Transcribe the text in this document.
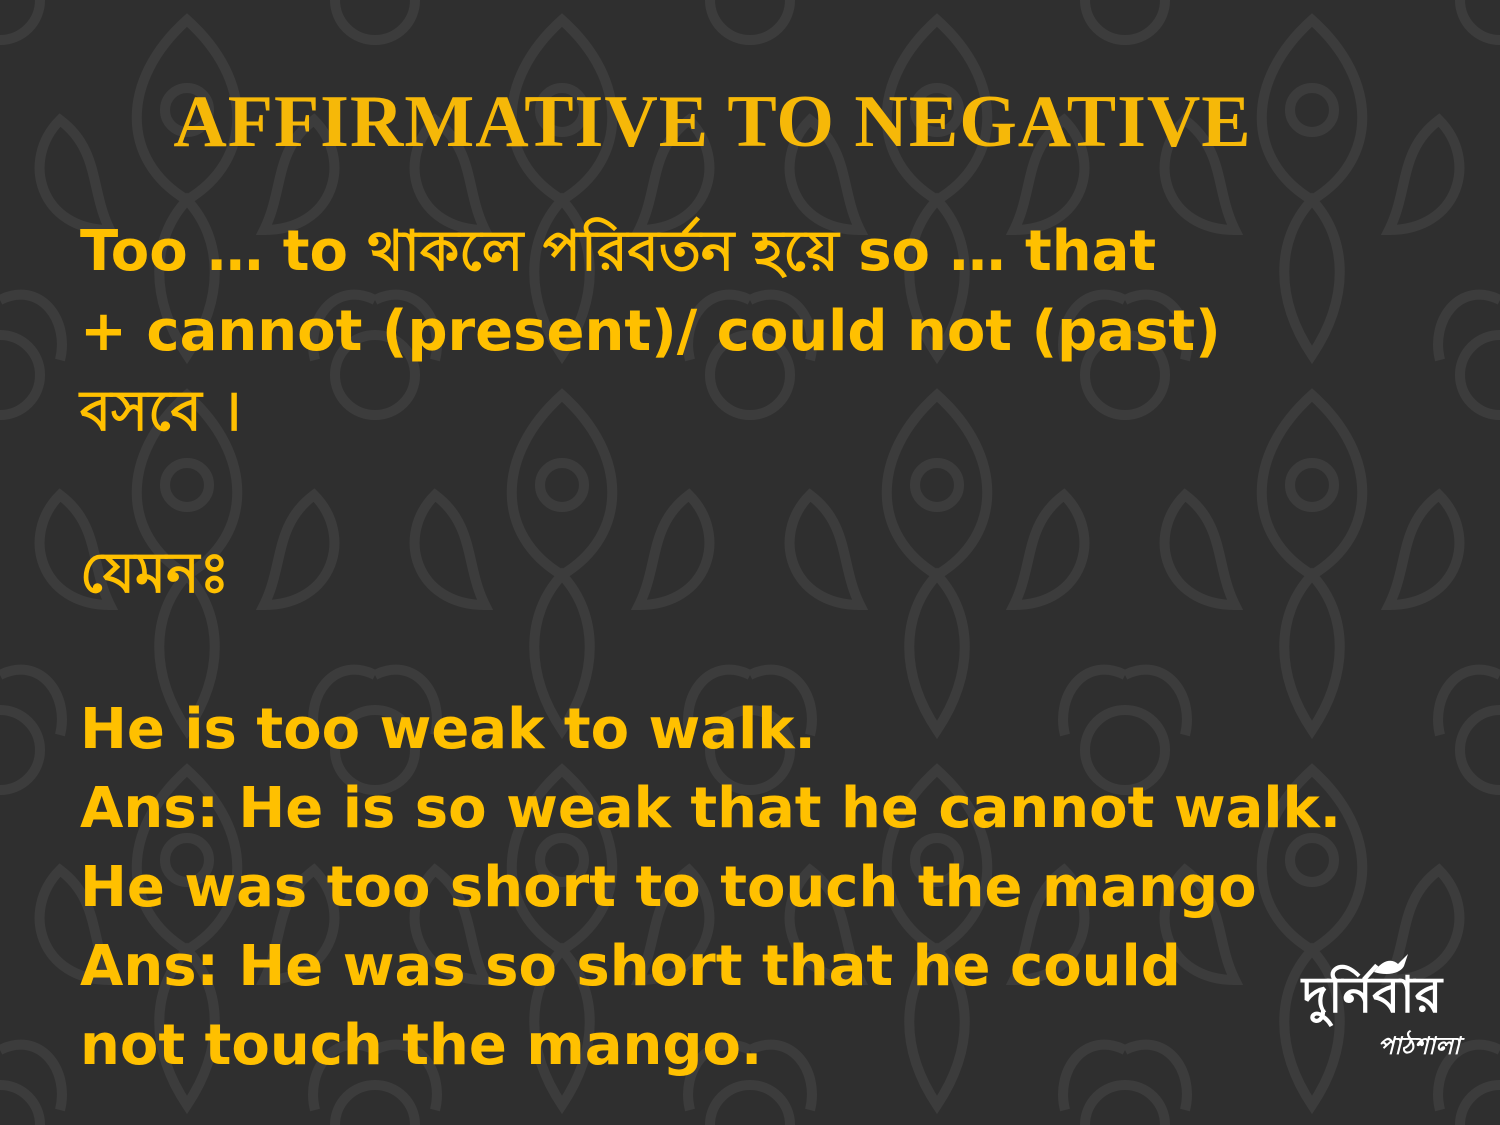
AFFIRMATIVE TO NEGATIVE
Too … to থাকলে পরিবর্তন হয়ে so … that
+ cannot (present)/ could not (past)
বসবে ।
যেমনঃ
He is too weak to walk.
Ans: He is so weak that he cannot walk.
He was too short to touch the mango
Ans: He was so short that he could
not touch the mango.
দুর্নিবার
পাঠশালা
